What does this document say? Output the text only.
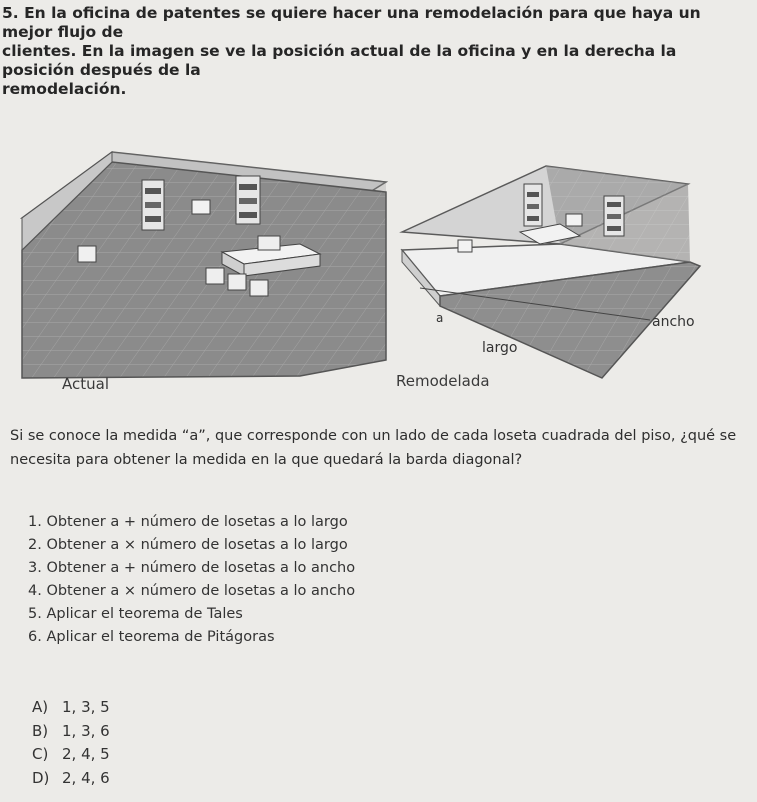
5. En la oficina de patentes se quiere hacer una remodelación para que haya un mejor flujo de

clientes. En la imagen se ve la posición actual de la oficina y en la derecha la posición después de la

remodelación.

Actual
a	ancho
largo
Remodelada

Si se conoce la medida “a”, que corresponde con un lado de cada loseta cuadrada del piso, ¿qué se

necesita para obtener la medida en la que quedará la barda diagonal?

1. Obtener a + número de losetas a lo largo
2. Obtener a × número de losetas a lo largo
3. Obtener a + número de losetas a lo ancho
4. Obtener a × número de losetas a lo ancho
5. Aplicar el teorema de Tales
6. Aplicar el teorema de Pitágoras
A) 1, 3, 5
B) 1, 3, 6
C) 2, 4, 5
D) 2, 4, 6
